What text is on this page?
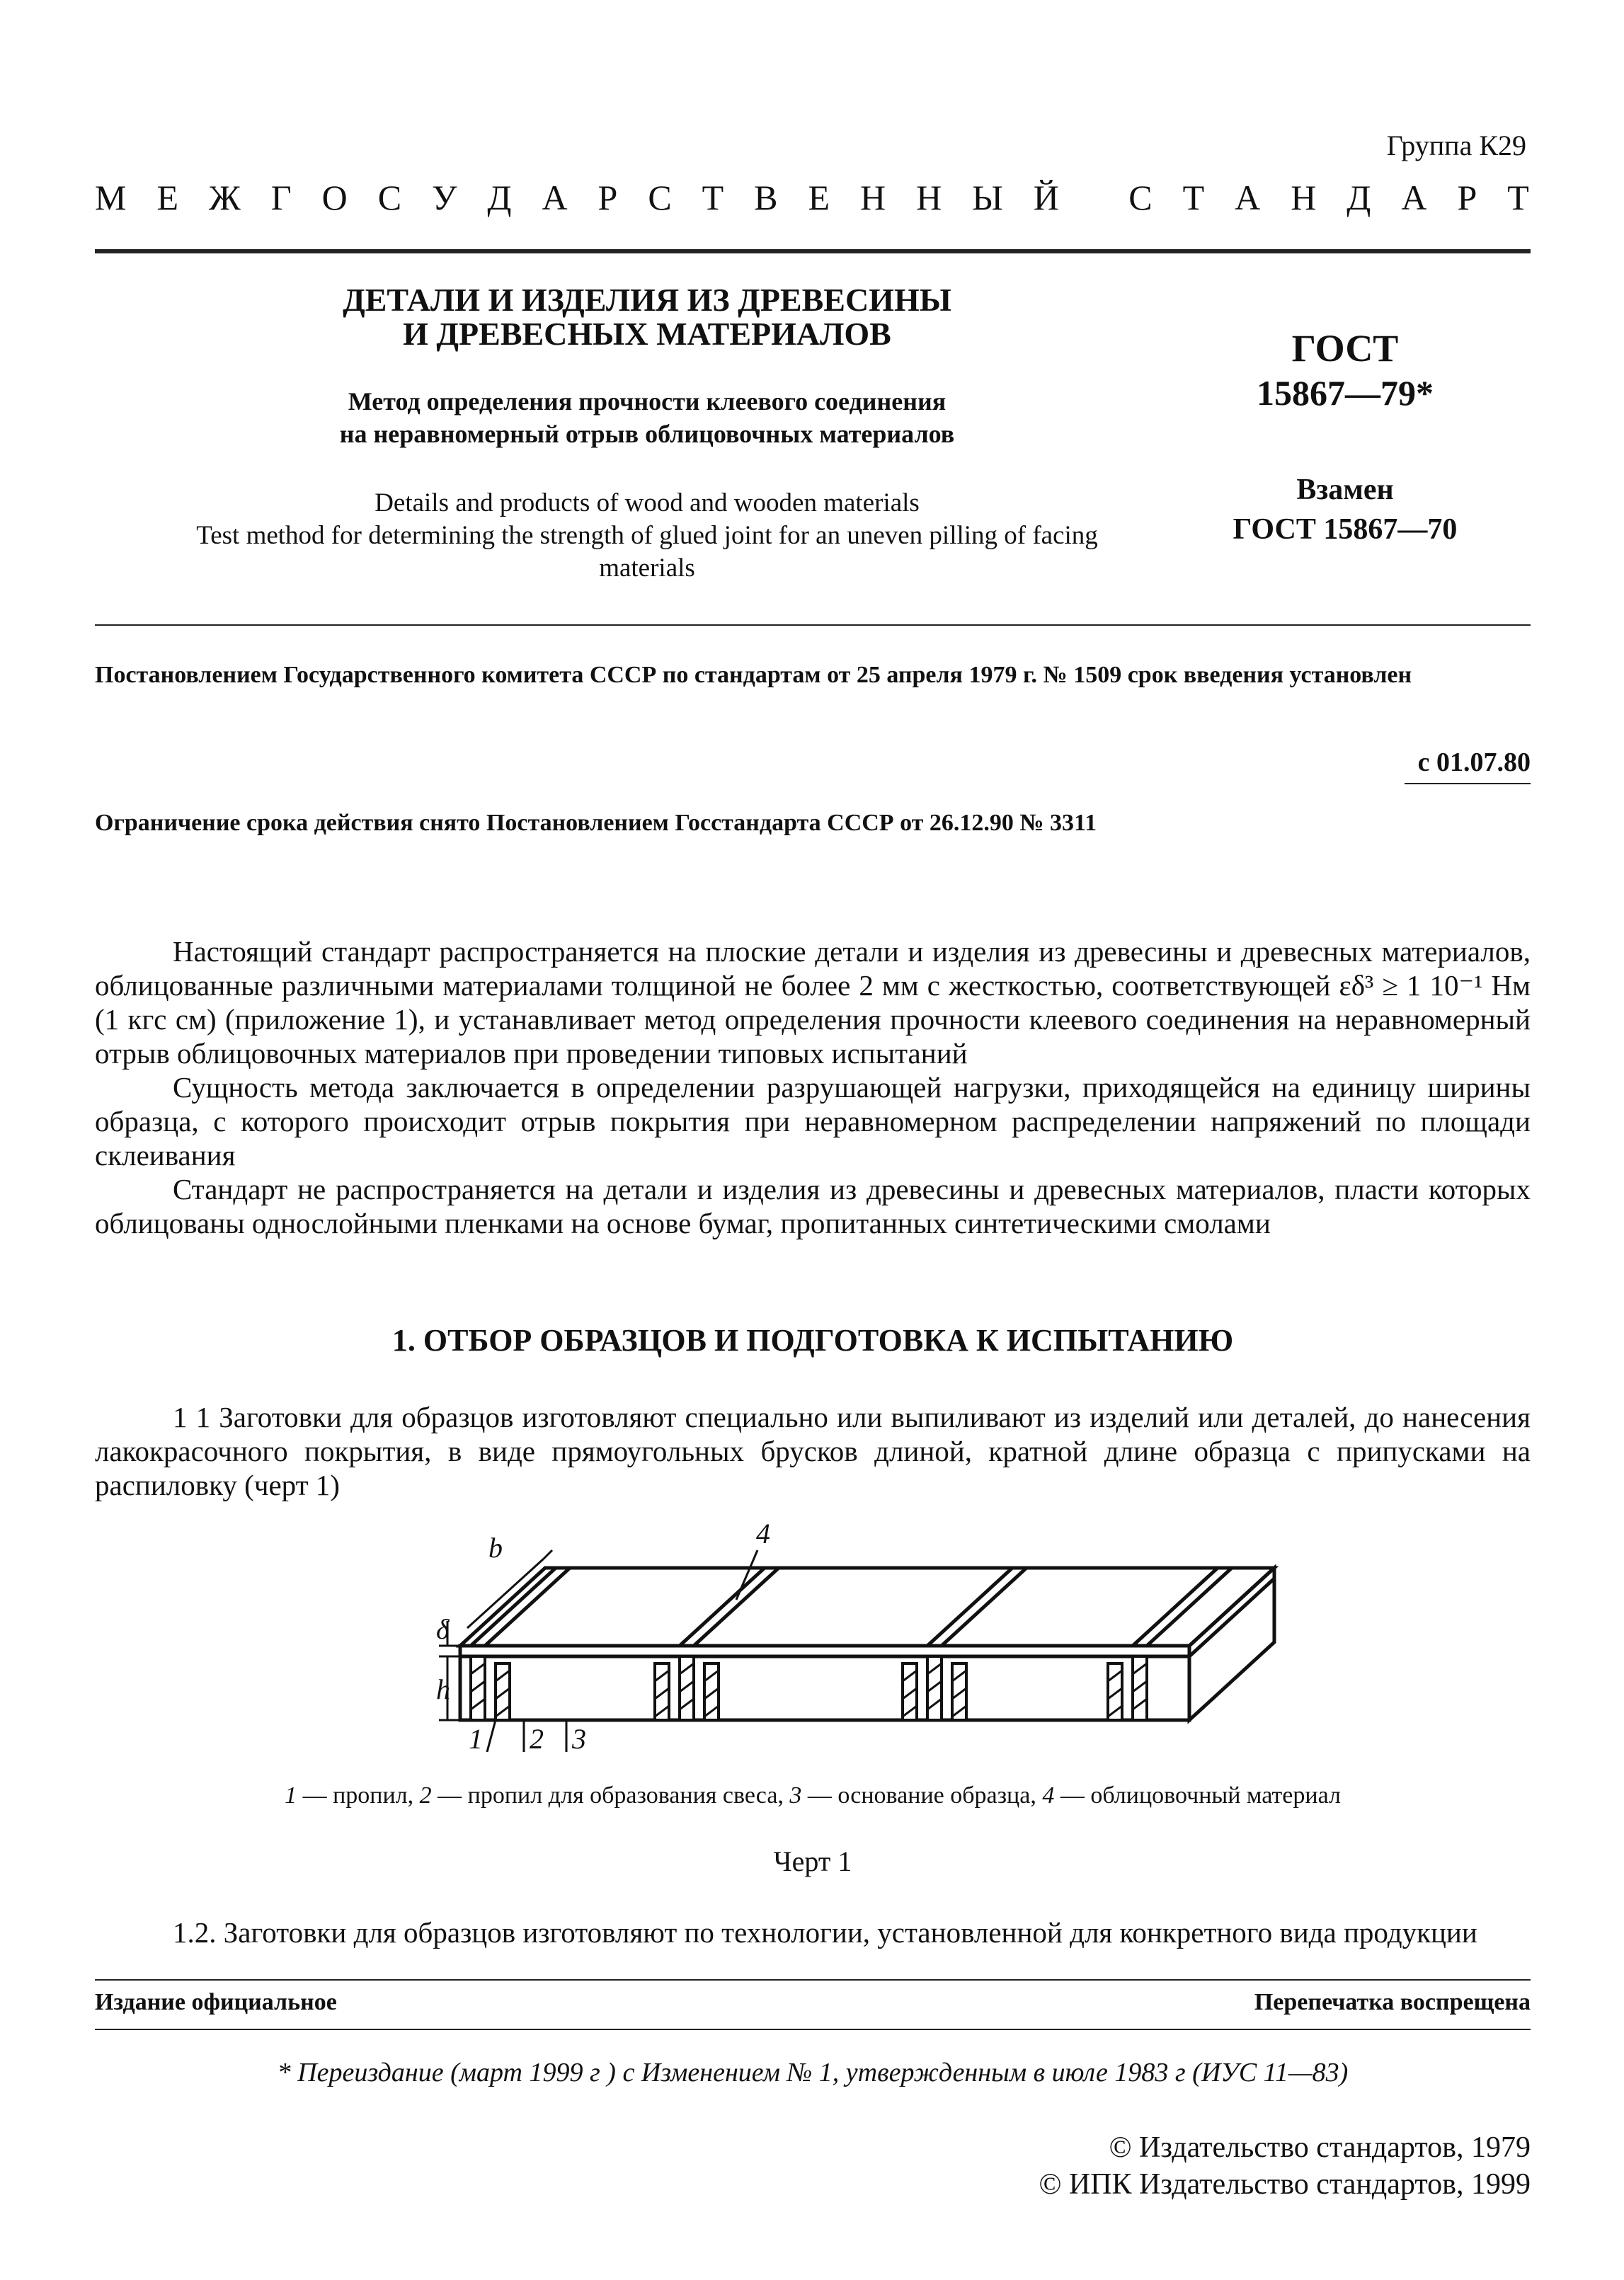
Группа К29
М Е Ж Г О С У Д А Р С Т В Е Н Н Ы Й
С Т А Н Д А Р Т
ДЕТАЛИ И ИЗДЕЛИЯ ИЗ ДРЕВЕСИНЫ
И ДРЕВЕСНЫХ МАТЕРИАЛОВ
Метод определения прочности клеевого соединения
на неравномерный отрыв облицовочных материалов
Details and products of wood and wooden materials
Test method for determining the strength of glued joint for an uneven pilling of facing
materials
ГОСТ
15867—79*
Взамен
ГОСТ 15867—70
Постановлением Государственного комитета СССР по стандартам от 25 апреля 1979 г. № 1509 срок введения установлен
с 01.07.80
Ограничение срока действия снято Постановлением Госстандарта СССР от 26.12.90 № 3311

Настоящий стандарт распространяется на плоские детали и изделия из древесины и древесных материалов, облицованные различными материалами толщиной не более 2 мм с жесткостью, соответствующей εδ³ ≥ 1 10⁻¹ Нм (1 кгс см) (приложение 1), и устанавливает метод определения прочности клеевого соединения на неравномерный отрыв облицовочных материалов при проведении типовых испытаний

Сущность метода заключается в определении разрушающей нагрузки, приходящейся на единицу ширины образца, с которого происходит отрыв покрытия при неравномерном распределении напряжений по площади склеивания

Стандарт не распространяется на детали и изделия из древесины и древесных материалов, пласти которых облицованы однослойными пленками на основе бумаг, пропитанных синтетическими смолами

1. ОТБОР ОБРАЗЦОВ И ПОДГОТОВКА К ИСПЫТАНИЮ

1 1 Заготовки для образцов изготовляют специально или выпиливают из изделий или деталей, до нанесения лакокрасочного покрытия, в виде прямоугольных брусков длиной, кратной длине образца с припусками на распиловку (черт 1)

b
δ
h
1 2 3
4
1 — пропил, 2 — пропил для образования свеса, 3 — основание образца, 4 — облицовочный материал
Черт 1

1.2. Заготовки для образцов изготовляют по технологии, установленной для конкретного вида продукции

Издание официальное	Перепечатка воспрещена
* Переиздание (март 1999 г ) с Изменением № 1, утвержденным в июле 1983 г (ИУС 11—83)
© Издательство стандартов, 1979
© ИПК Издательство стандартов, 1999
